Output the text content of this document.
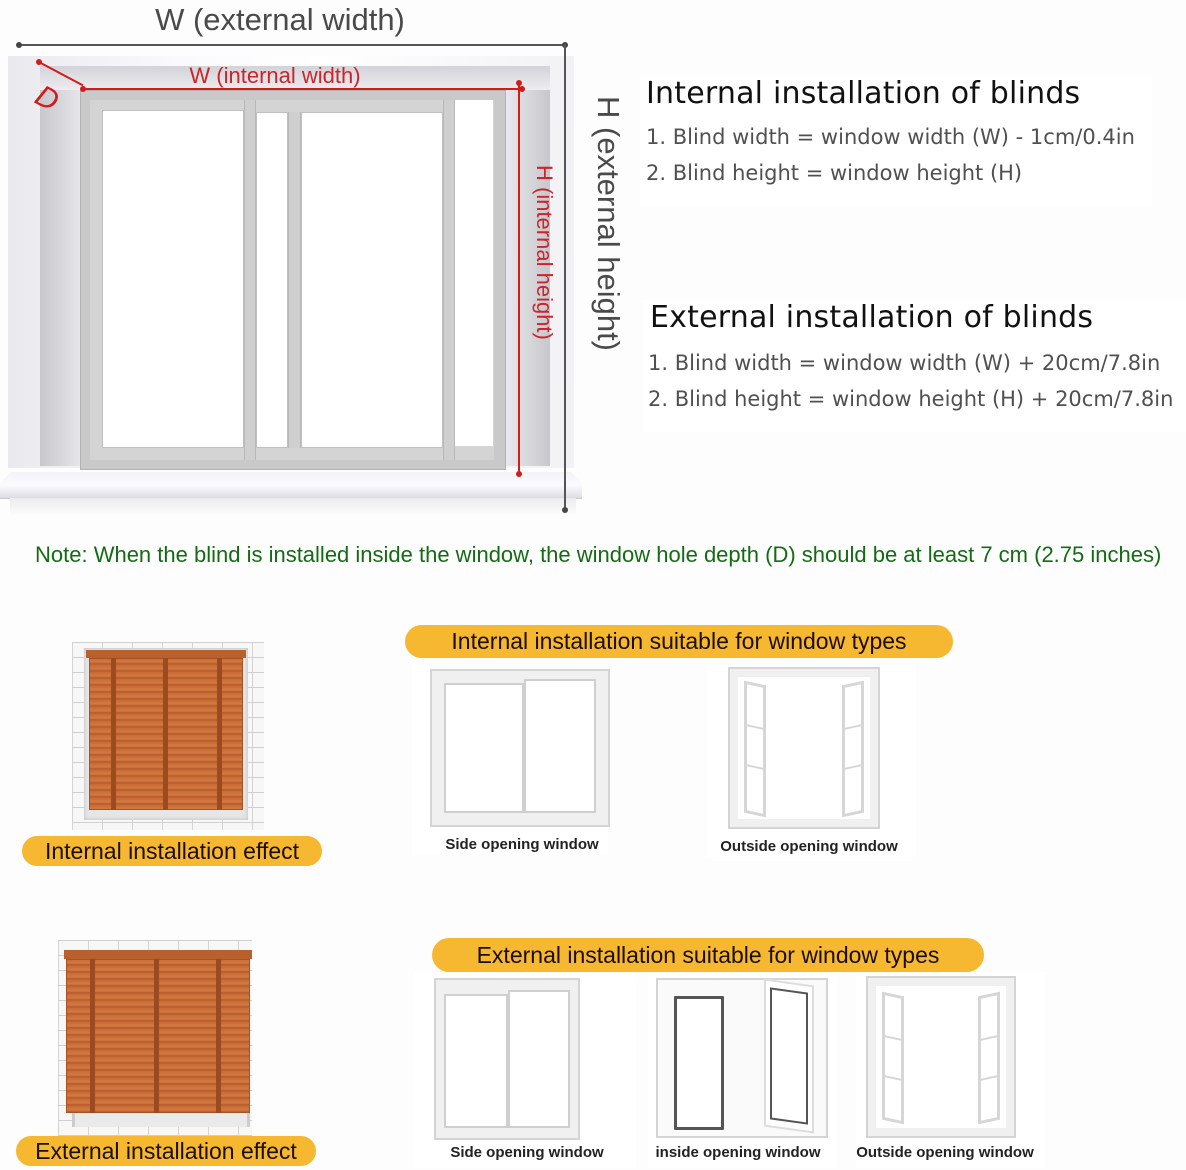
W (external width)
W (internal width)
D
H (internal height) H (external height)
Internal installation of blinds
1. Blind width = window width (W) - 1cm/0.4in
2. Blind height = window height (H)
External installation of blinds
1. Blind width = window width (W) + 20cm/7.8in
2. Blind height = window height (H) + 20cm/7.8in
Note: When the blind is installed inside the window, the window hole depth (D) should be at least 7 cm (2.75 inches)
Internal installation effect
Internal installation suitable for window types
Side opening window	Outside opening window
External installation effect
External installation suitable for window types
Side opening window	inside opening window	Outside opening window
